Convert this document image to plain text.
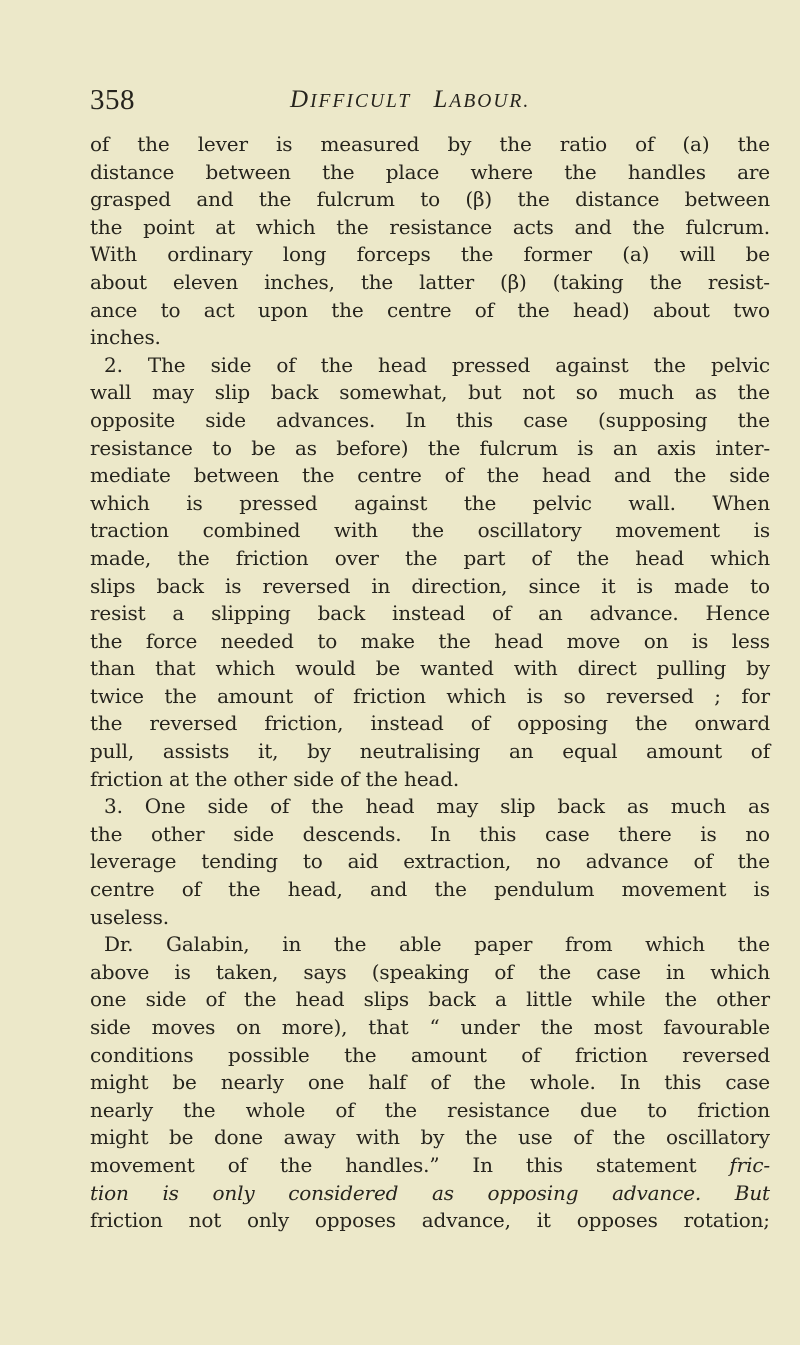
358	DIFFICULT LABOUR.
of the lever is measured by the ratio of (a) the
distance between the place where the handles are
grasped and the fulcrum to (β) the distance between
the point at which the resistance acts and the fulcrum.
With ordinary long forceps the former (a) will be
about eleven inches, the latter (β) (taking the resist-
ance to act upon the centre of the head) about two
inches.
2. The side of the head pressed against the pelvic
wall may slip back somewhat, but not so much as the
opposite side advances. In this case (supposing the
resistance to be as before) the fulcrum is an axis inter-
mediate between the centre of the head and the side
which is pressed against the pelvic wall. When
traction combined with the oscillatory movement is
made, the friction over the part of the head which
slips back is reversed in direction, since it is made to
resist a slipping back instead of an advance. Hence
the force needed to make the head move on is less
than that which would be wanted with direct pulling by
twice the amount of friction which is so reversed ; for
the reversed friction, instead of opposing the onward
pull, assists it, by neutralising an equal amount of
friction at the other side of the head.
3. One side of the head may slip back as much as
the other side descends. In this case there is no
leverage tending to aid extraction, no advance of the
centre of the head, and the pendulum movement is
useless.
Dr. Galabin, in the able paper from which the
above is taken, says (speaking of the case in which
one side of the head slips back a little while the other
side moves on more), that “ under the most favourable
conditions possible the amount of friction reversed
might be nearly one half of the whole. In this case
nearly the whole of the resistance due to friction
might be done away with by the use of the oscillatory
movement of the handles.” In this statement fric-
tion is only considered as opposing advance. But
friction not only opposes advance, it opposes rotation;
